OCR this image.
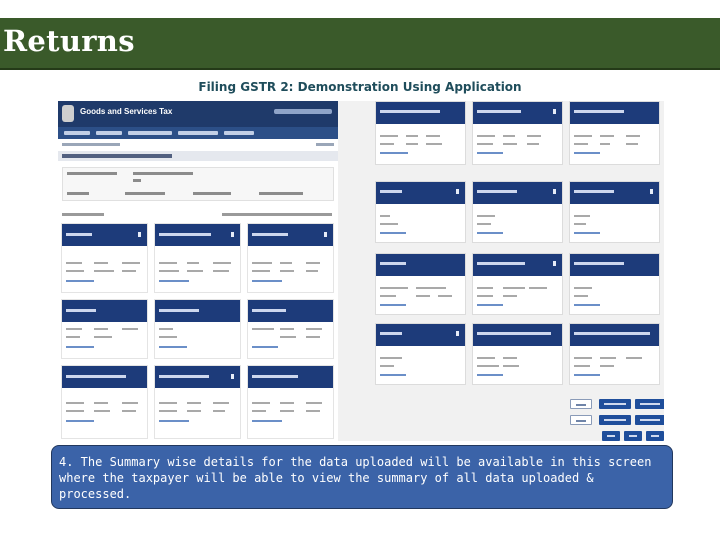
Returns
Filing GSTR 2: Demonstration Using Application
Goods and Services Tax
4. The Summary wise details for the data uploaded will be available in this screen where the taxpayer will be able to view the summary of all data uploaded & processed.
